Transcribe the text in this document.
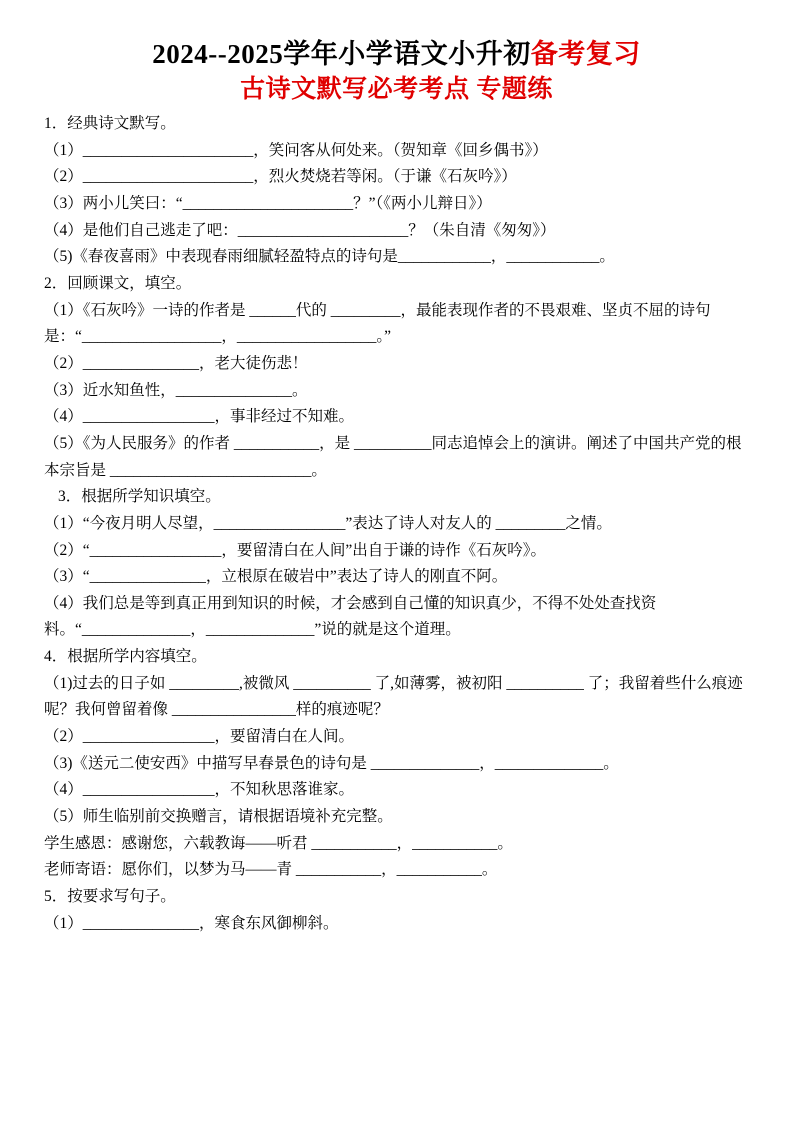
2024--2025学年小学语文小升初备考复习
古诗文默写必考考点 专题练
1．经典诗文默写。
（1）______________________，笑问客从何处来。（贺知章《回乡偶书》）
（2）______________________，烈火焚烧若等闲。（于谦《石灰吟》）
（3）两小儿笑曰：“______________________？”（《两小儿辩日》）
（4）是他们自己逃走了吧：______________________？（朱自清《匆匆》）
（5)《春夜喜雨》中表现春雨细腻轻盈特点的诗句是____________，____________。
2．回顾课文，填空。
（1）《石灰吟》一诗的作者是 ______代的 _________，最能表现作者的不畏艰难、坚贞不屈的诗句是：“__________________，__________________。”
（2）_______________，老大徒伤悲！
（3）近水知鱼性，_______________。
（4）_________________，事非经过不知难。
（5）《为人民服务》的作者 ___________，是 __________同志追悼会上的演讲。阐述了中国共产党的根本宗旨是 __________________________。
3．根据所学知识填空。
（1）“今夜月明人尽望，_________________”表达了诗人对友人的 _________之情。
（2）“_________________，要留清白在人间”出自于谦的诗作《石灰吟》。
（3）“_______________，立根原在破岩中”表达了诗人的刚直不阿。
（4）我们总是等到真正用到知识的时候，才会感到自己懂的知识真少，不得不处处查找资料。“______________，______________”说的就是这个道理。
4．根据所学内容填空。
（1)过去的日子如 _________,被微风 __________ 了,如薄雾，被初阳 __________ 了；我留着些什么痕迹呢？我何曾留着像 ________________样的痕迹呢？
（2）_________________，要留清白在人间。
（3)《送元二使安西》中描写早春景色的诗句是 ______________，______________。
（4）_________________，不知秋思落谁家。
（5）师生临别前交换赠言，请根据语境补充完整。
学生感恩：感谢您，六载教诲——听君 ___________，___________。
老师寄语：愿你们，以梦为马——青 ___________，___________。
5．按要求写句子。
（1）_______________，寒食东风御柳斜。
